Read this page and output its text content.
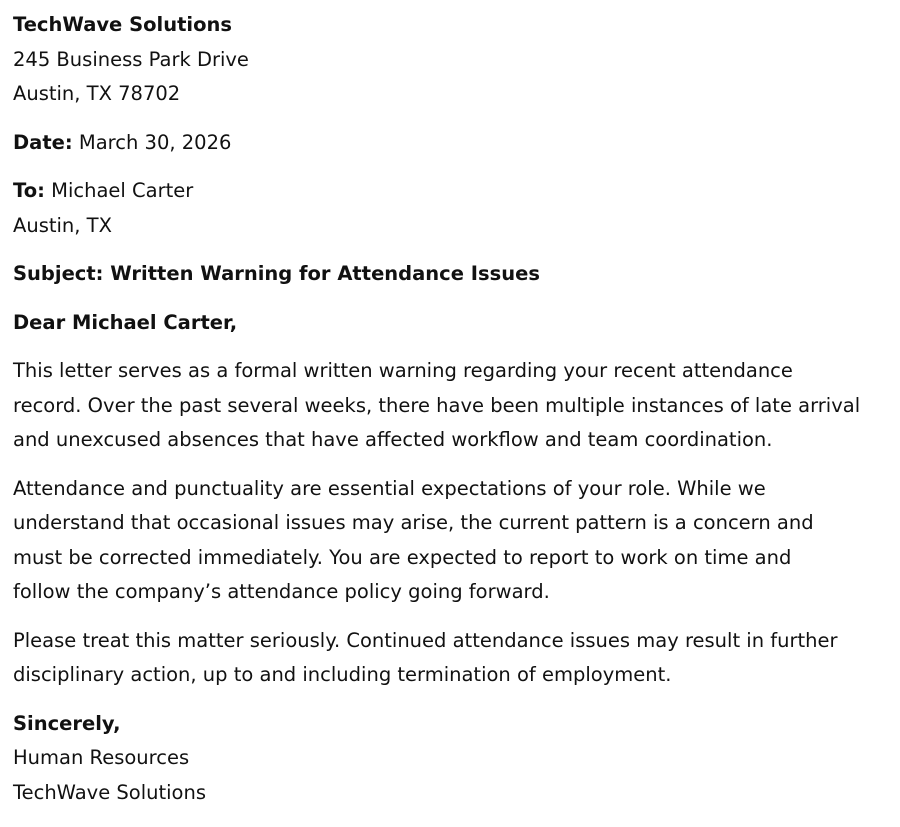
TechWave Solutions
245 Business Park Drive
Austin, TX 78702
Date: March 30, 2026
To: Michael Carter
Austin, TX
Subject: Written Warning for Attendance Issues
Dear Michael Carter,
This letter serves as a formal written warning regarding your recent attendance
record. Over the past several weeks, there have been multiple instances of late arrival
and unexcused absences that have affected workflow and team coordination.
Attendance and punctuality are essential expectations of your role. While we
understand that occasional issues may arise, the current pattern is a concern and
must be corrected immediately. You are expected to report to work on time and
follow the company’s attendance policy going forward.
Please treat this matter seriously. Continued attendance issues may result in further
disciplinary action, up to and including termination of employment.
Sincerely,
Human Resources
TechWave Solutions
